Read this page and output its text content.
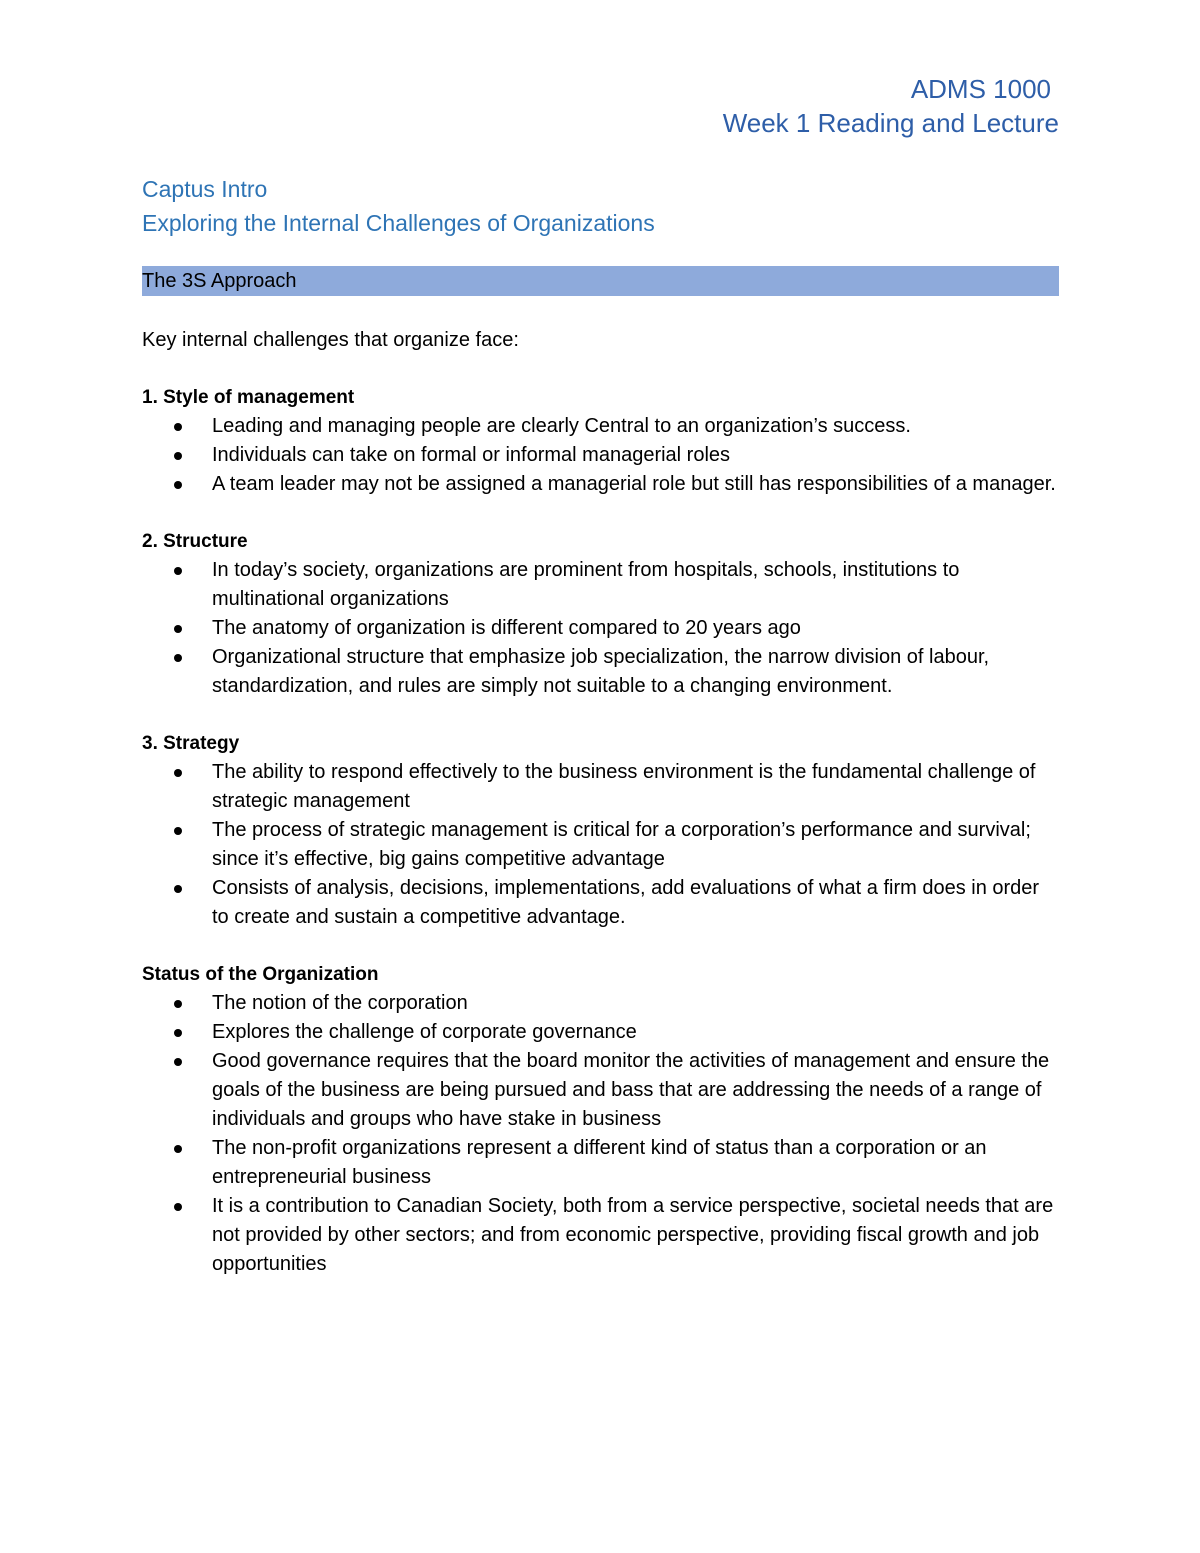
ADMS 1000
Week 1 Reading and Lecture
Captus Intro
Exploring the Internal Challenges of Organizations
The 3S Approach
Key internal challenges that organize face:
1. Style of management
Leading and managing people are clearly Central to an organization’s success.
Individuals can take on formal or informal managerial roles
A team leader may not be assigned a managerial role but still has responsibilities of a manager.
2. Structure
In today’s society, organizations are prominent from hospitals, schools, institutions to multinational organizations
The anatomy of organization is different compared to 20 years ago
Organizational structure that emphasize job specialization, the narrow division of labour, standardization, and rules are simply not suitable to a changing environment.
3. Strategy
The ability to respond effectively to the business environment is the fundamental challenge of strategic management
The process of strategic management is critical for a corporation’s performance and survival; since it’s effective, big gains competitive advantage
Consists of analysis, decisions, implementations, add evaluations of what a firm does in order to create and sustain a competitive advantage.
Status of the Organization
The notion of the corporation
Explores the challenge of corporate governance
Good governance requires that the board monitor the activities of management and ensure the goals of the business are being pursued and bass that are addressing the needs of a range of individuals and groups who have stake in business
The non-profit organizations represent a different kind of status than a corporation or an entrepreneurial business
It is a contribution to Canadian Society, both from a service perspective, societal needs that are not provided by other sectors; and from economic perspective, providing fiscal growth and job opportunities
